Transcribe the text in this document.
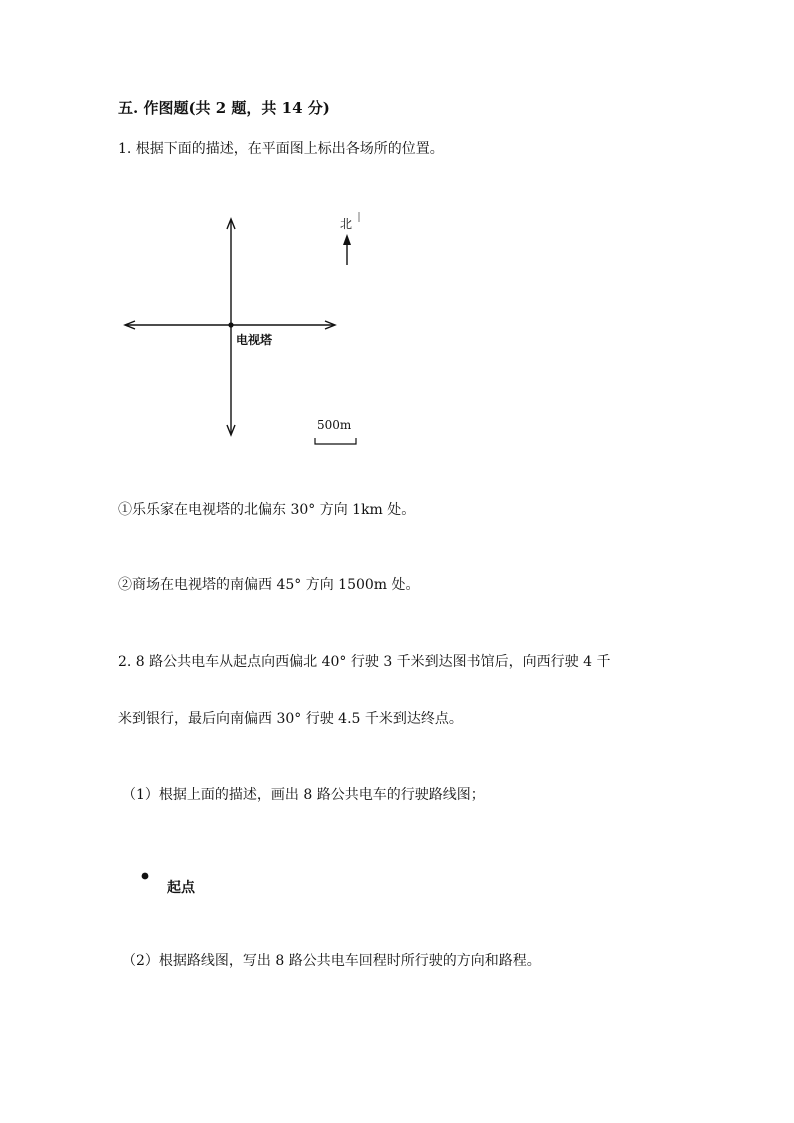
五. 作图题(共 2 题，共 14 分)
1. 根据下面的描述，在平面图上标出各场所的位置。
北
电视塔
500m
①乐乐家在电视塔的北偏东 30° 方向 1km 处。
②商场在电视塔的南偏西 45° 方向 1500m 处。
2. 8 路公共电车从起点向西偏北 40° 行驶 3 千米到达图书馆后，向西行驶 4 千
米到银行，最后向南偏西 30° 行驶 4.5 千米到达终点。
（1）根据上面的描述，画出 8 路公共电车的行驶路线图；
起点
（2）根据路线图，写出 8 路公共电车回程时所行驶的方向和路程。
